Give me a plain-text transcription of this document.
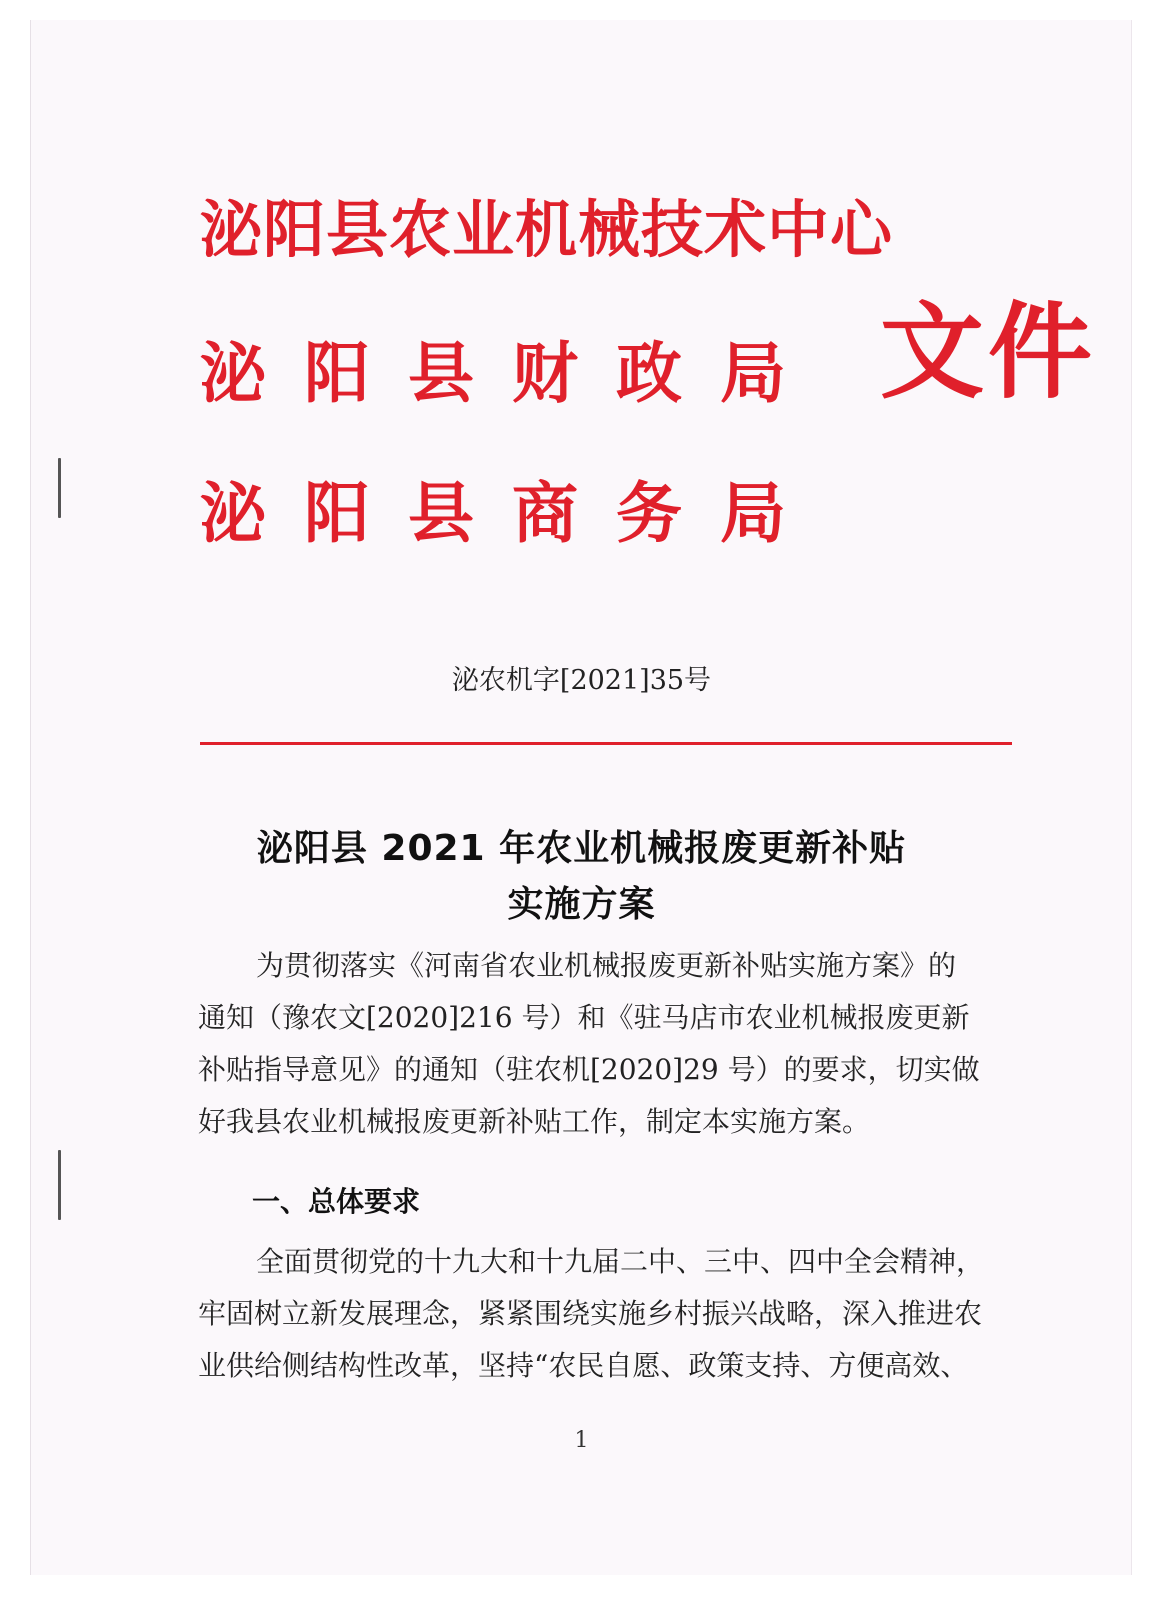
泌阳县农业机械技术中心
泌阳县财政局
泌阳县商务局
文件
泌农机字[2021]35号
泌阳县 2021 年农业机械报废更新补贴
实施方案
为贯彻落实《河南省农业机械报废更新补贴实施方案》的
通知（豫农文[2020]216 号）和《驻马店市农业机械报废更新
补贴指导意见》的通知（驻农机[2020]29 号）的要求，切实做
好我县农业机械报废更新补贴工作，制定本实施方案。
一、总体要求
全面贯彻党的十九大和十九届二中、三中、四中全会精神，
牢固树立新发展理念，紧紧围绕实施乡村振兴战略，深入推进农
业供给侧结构性改革，坚持“农民自愿、政策支持、方便高效、
1
